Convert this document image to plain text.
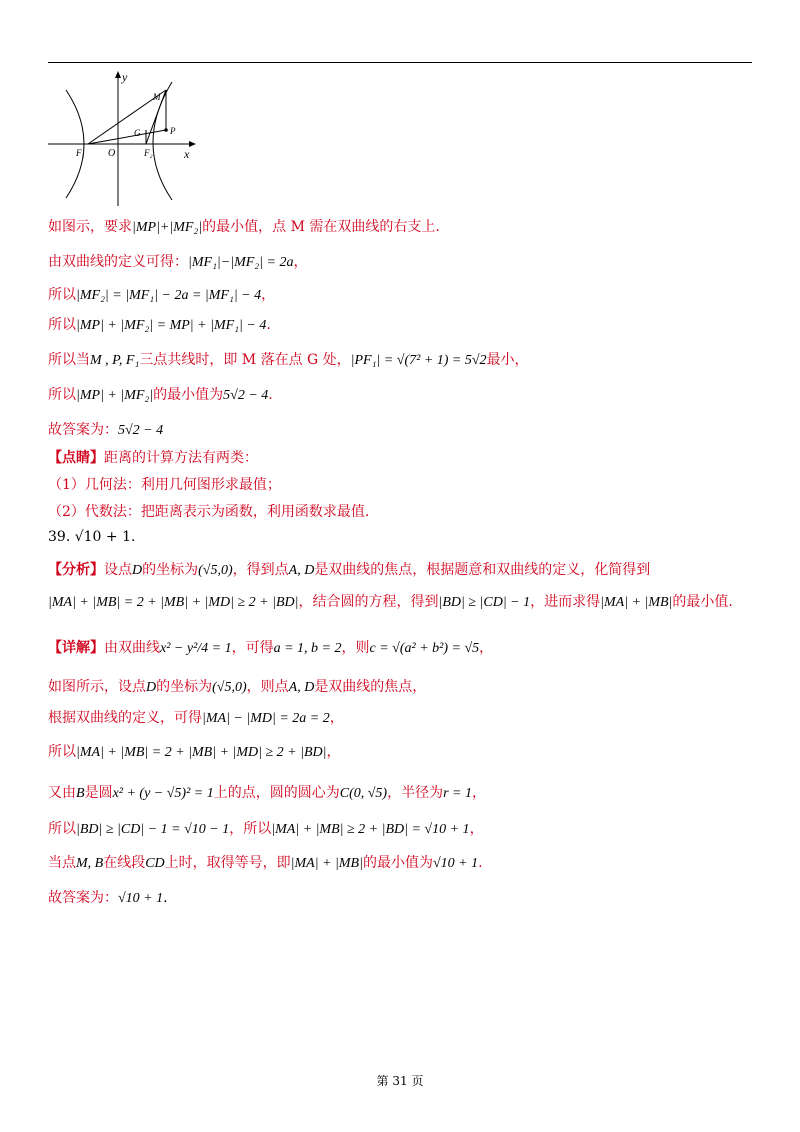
y
x
M
P
G
O
F₁	F₂
如图示，要求|MP|+|MF₂|的最小值，点 M 需在双曲线的右支上.
由双曲线的定义可得：|MF₁|−|MF₂| = 2a，
所以|MF₂| = |MF₁| − 2a = |MF₁| − 4，
所以|MP| + |MF₂| = MP| + |MF₁| − 4.
所以当M , P, F₁三点共线时，即 M 落在点 G 处，|PF₁| = √(7² + 1) = 5√2最小，
所以|MP| + |MF₂|的最小值为5√2 − 4.
故答案为：5√2 − 4
【点睛】距离的计算方法有两类：
（1）几何法：利用几何图形求最值；
（2）代数法：把距离表示为函数，利用函数求最值.
39. √10 + 1.
【分析】设点D的坐标为(√5,0)，得到点A, D是双曲线的焦点，根据题意和双曲线的定义，化简得到
|MA| + |MB| = 2 + |MB| + |MD| ≥ 2 + |BD|，结合圆的方程，得到|BD| ≥ |CD| − 1，进而求得|MA| + |MB|的最小值.
【详解】由双曲线x² − y²/4 = 1，可得a = 1, b = 2，则c = √(a² + b²) = √5，
如图所示，设点D的坐标为(√5,0)，则点A, D是双曲线的焦点，
根据双曲线的定义，可得|MA| − |MD| = 2a = 2，
所以|MA| + |MB| = 2 + |MB| + |MD| ≥ 2 + |BD|，
又由B是圆x² + (y − √5)² = 1上的点，圆的圆心为C(0, √5)，半径为r = 1，
所以|BD| ≥ |CD| − 1 = √10 − 1，所以|MA| + |MB| ≥ 2 + |BD| = √10 + 1，
当点M, B在线段CD上时，取得等号，即|MA| + |MB|的最小值为√10 + 1.
故答案为：√10 + 1.
第 31 页
